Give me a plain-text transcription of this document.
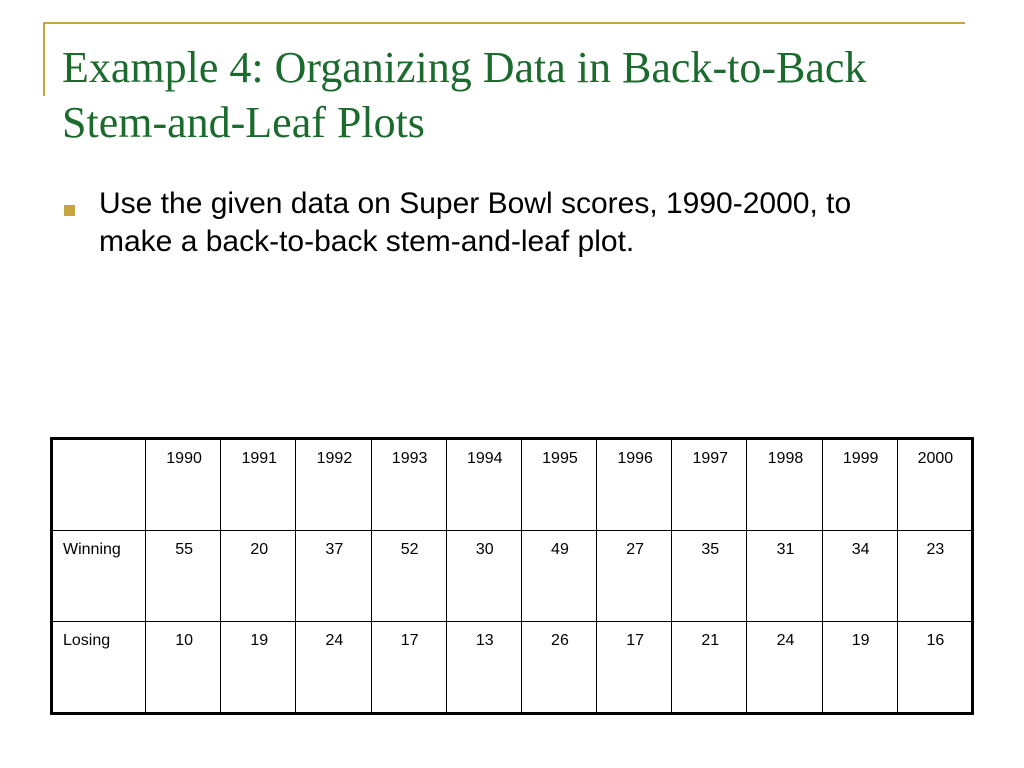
Example 4: Organizing Data in Back-to-Back Stem-and-Leaf Plots
Use the given data on Super Bowl scores, 1990-2000, to make a back-to-back stem-and-leaf plot.
	1990	1991	1992	1993	1994	1995	1996	1997	1998	1999	2000
Winning	55	20	37	52	30	49	27	35	31	34	23
Losing	10	19	24	17	13	26	17	21	24	19	16
